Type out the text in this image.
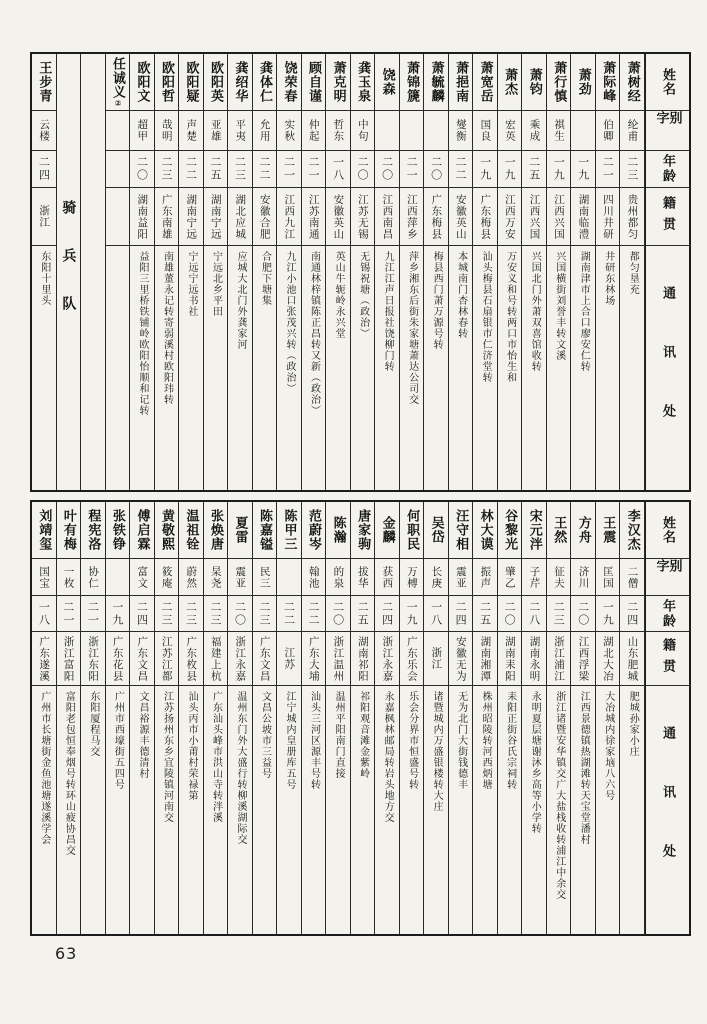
姓名
别字
年龄
籍贯
通讯处
萧树经
纶甫
二三
贵州都匀
都匀垦充
萧际峰
伯卿
二一
四川井研
井研东林场
萧劲
一九
湖南临澧
湖南津市上合口廖安仁转
萧行慎
祺生
一九
江西兴国
兴国横街刘誉丰转文溪
萧钧
乘成
二五
江西兴国
兴国北门外萧双喜馆收转
萧杰
宏英
一九
江西万安
万安义和号转两口市怡生和
萧宽岳
国良
一九
广东梅县
汕头梅县石扇银市仁济堂转
萧挹南
燮衡
二二
安徽英山
本城南门杏林春转
萧毓麟
二〇
广东梅县
梅县西门萧万源号转
萧锦篪
二一
江西萍乡
萍乡湘东后街朱家塘萧达公司交
饶森
二〇
江西南昌
九江江声日报社饶柳门转
龚玉泉
中句
二〇
江苏无锡
无锡祝塘（政治）
萧克明
哲东
一八
安徽英山
英山牛轭岭永兴堂
顾自谨
仲起
二一
江苏南通
南通林梓镇陈正昌转又新（政治）
饶荣春
实秋
二一
江西九江
九江小池口张茂兴转（政治）
龚体仁
允用
二二
安徽合肥
合肥下塘集
龚绍华
平夷
二三
湖北应城
应城大北门外龚家河
欧阳英
亚雄
二五
湖南宁远
宁远北乡平田
欧阳疑
声楚
二二
湖南宁远
宁远宁远书社
欧阳哲
哉明
二三
广东南雄
南雄董永记转寄弱溪村欧阳玮转
欧阳文
超甲
二〇
湖南益阳
益阳三里桥铁铺岭欧阳怡顺和记转
任诚义
②
骑兵队
王步青
云楼
二四
浙江
东阳十里头
姓名
别字
年龄
籍贯
通讯处
李汉杰
二僧
二四
山东肥城
肥城孙家小庄
王震
匡国
一九
湖北大冶
大冶城内徐家垴八六号
方舟
济川
二〇
江西浮梁
江西景德镇热湖滩转天宝堂潘村
王然
征夫
二三
浙江浦江
浙江诸暨安华镇交广大盐栈收转浦江中余交
宋元泮
子芹
二八
湖南永明
永明夏层塘谢沐乡高等小学转
谷黎光
肇乙
二〇
湖南耒阳
耒阳正街谷氏宗祠转
林大谟
振声
二五
湖南湘潭
株州昭陵转河西炳塘
汪守相
震亚
二四
安徽无为
无为北门大街钱德丰
吴岱
长庚
一八
浙江
诸暨城内万盛银楼转大庄
何职民
万榑
一九
广东乐会
乐会分界市恒盛号转
金麟
获西
二四
浙江永嘉
永嘉枫林邮局转岩头地方交
唐家驹
拔华
二五
湖南祁阳
祁阳观音滩金紫岭
陈瀚
的泉
二〇
浙江温州
温州平阳南门直接
范蔚岑
翰池
二二
广东大埔
汕头三河区源丰号转
陈甲三
二二
江苏
江宁城内皇册库五号
陈嘉镒
民三
二三
广东文昌
文昌公坡市三益号
夏雷
震亚
二〇
浙江永嘉
温州东门外大盛行转柳溪湖际交
张焕唐
杲尧
二三
福建上杭
广东汕头峰市洪山寺转泮溪
温祖铨
蔚然
二三
广东枚县
汕头丙市小莆村荣禄第
黄敬熙
筱庵
二三
江苏江都
江苏扬州东乡宜陵镇河南交
傅启霖
富文
二四
广东文昌
文昌裕源丰德清村
张铁铮
一九
广东花县
广州市西壕街五四号
程宪洛
协仁
二一
浙江东阳
东阳厦程马交
叶有梅
一枚
二一
浙江富阳
富阳老包恒奉烟号转环山疲协昌交
刘靖玺
国宝
一八
广东遂溪
广州市长塘街金鱼池塘遂溪学会
63
